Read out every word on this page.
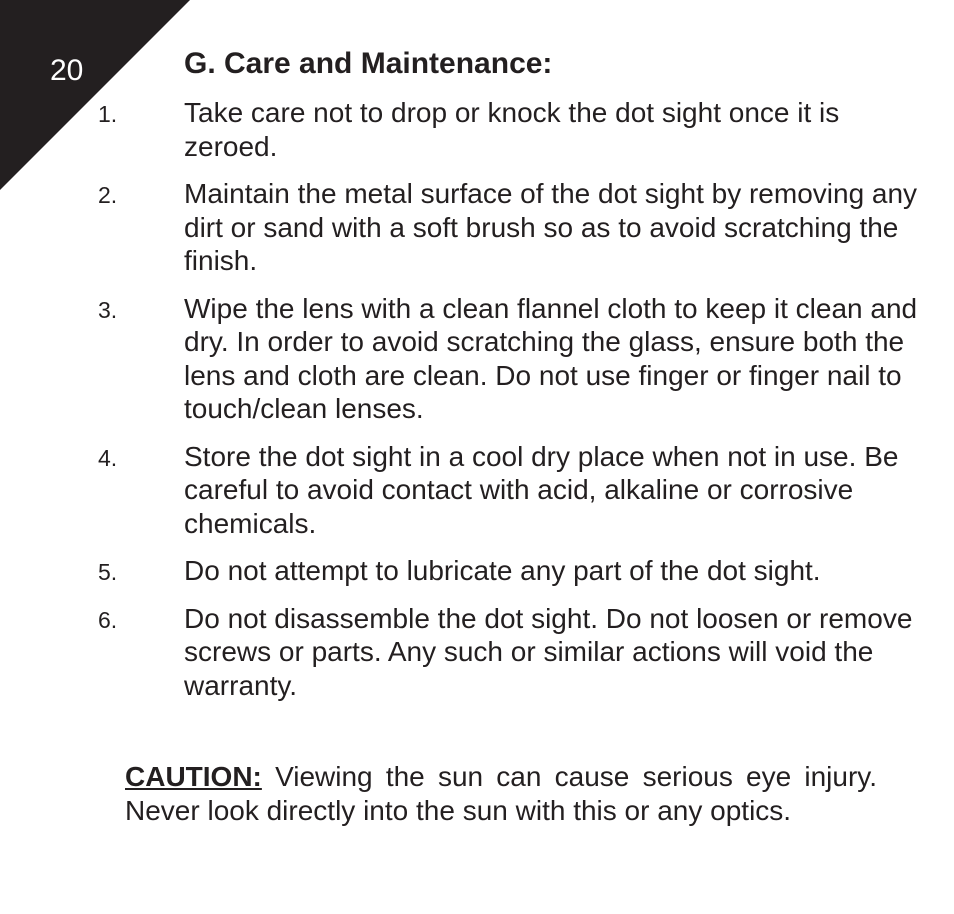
20	G. Care and Maintenance:
1. Take care not to drop or knock the dot sight once it is zeroed.
2. Maintain the metal surface of the dot sight by removing any dirt or sand with a soft brush so as to avoid scratching the finish.
3. Wipe the lens with a clean flannel cloth to keep it clean and dry. In order to avoid scratching the glass, ensure both the lens and cloth are clean. Do not use finger or finger nail to touch/clean lenses.
4. Store the dot sight in a cool dry place when not in use. Be careful to avoid contact with acid, alkaline or corrosive chemicals.
5. Do not attempt to lubricate any part of the dot sight.
6. Do not disassemble the dot sight. Do not loosen or remove screws or parts. Any such or similar actions will void the warranty.

CAUTION: Viewing the sun can cause serious eye injury. Never look directly into the sun with this or any optics.
